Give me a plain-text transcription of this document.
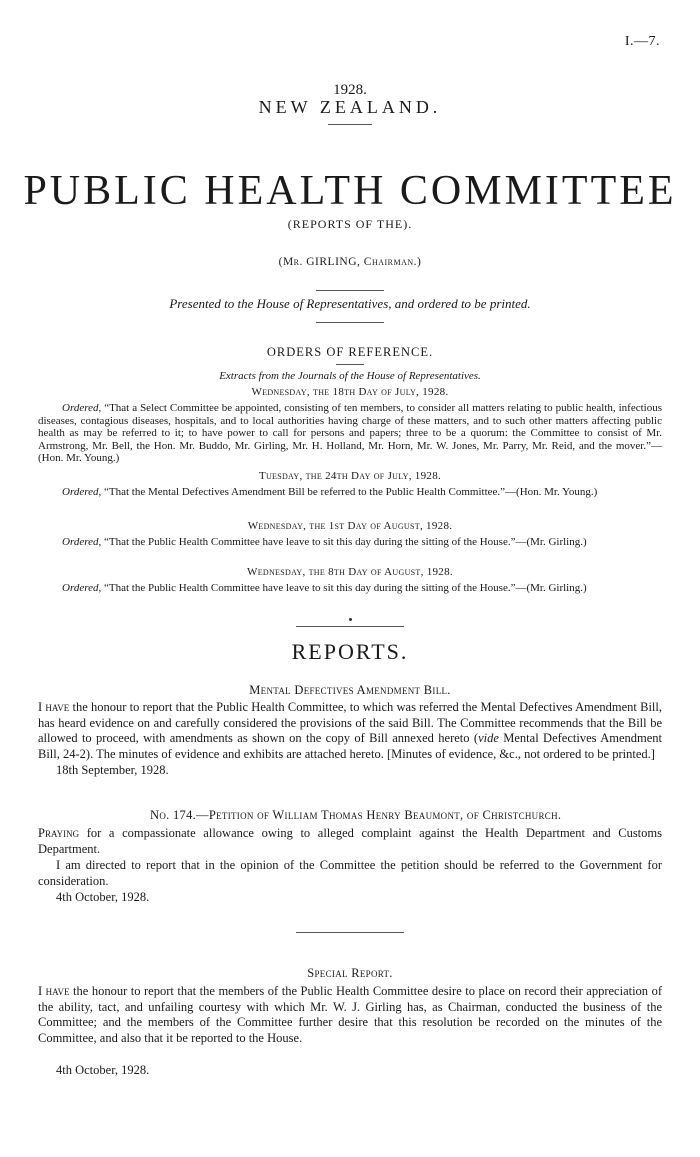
I.—7.
1928.
NEW ZEALAND.
PUBLIC HEALTH COMMITTEE
(REPORTS OF THE).
(Mr. GIRLING, Chairman.)
Presented to the House of Representatives, and ordered to be printed.
ORDERS OF REFERENCE.
Extracts from the Journals of the House of Representatives.
Wednesday, the 18th Day of July, 1928.
Ordered, “That a Select Committee be appointed, consisting of ten members, to consider all matters relating to public health, infectious diseases, contagious diseases, hospitals, and to local authorities having charge of these matters, and to such other matters affecting public health as may be referred to it; to have power to call for persons and papers; three to be a quorum: the Committee to consist of Mr. Armstrong, Mr. Bell, the Hon. Mr. Buddo, Mr. Girling, Mr. H. Holland, Mr. Horn, Mr. W. Jones, Mr. Parry, Mr. Reid, and the mover.”—(Hon. Mr. Young.)
Tuesday, the 24th Day of July, 1928.
Ordered, “That the Mental Defectives Amendment Bill be referred to the Public Health Committee.”—(Hon. Mr. Young.)
Wednesday, the 1st Day of August, 1928.
Ordered, “That the Public Health Committee have leave to sit this day during the sitting of the House.”—(Mr. Girling.)
Wednesday, the 8th Day of August, 1928.
Ordered, “That the Public Health Committee have leave to sit this day during the sitting of the House.”—(Mr. Girling.)
REPORTS.
Mental Defectives Amendment Bill.
I have the honour to report that the Public Health Committee, to which was referred the Mental Defectives Amendment Bill, has heard evidence on and carefully considered the provisions of the said Bill. The Committee recommends that the Bill be allowed to proceed, with amendments as shown on the copy of Bill annexed hereto (vide Mental Defectives Amendment Bill, 24-2). The minutes of evidence and exhibits are attached hereto. [Minutes of evidence, &c., not ordered to be printed.]
18th September, 1928.
No. 174.—Petition of William Thomas Henry Beaumont, of Christchurch.
Praying for a compassionate allowance owing to alleged complaint against the Health Department and Customs Department.
I am directed to report that in the opinion of the Committee the petition should be referred to the Government for consideration.
4th October, 1928.
Special Report.
I have the honour to report that the members of the Public Health Committee desire to place on record their appreciation of the ability, tact, and unfailing courtesy with which Mr. W. J. Girling has, as Chairman, conducted the business of the Committee; and the members of the Committee further desire that this resolution be recorded on the minutes of the Committee, and also that it be reported to the House.
4th October, 1928.
